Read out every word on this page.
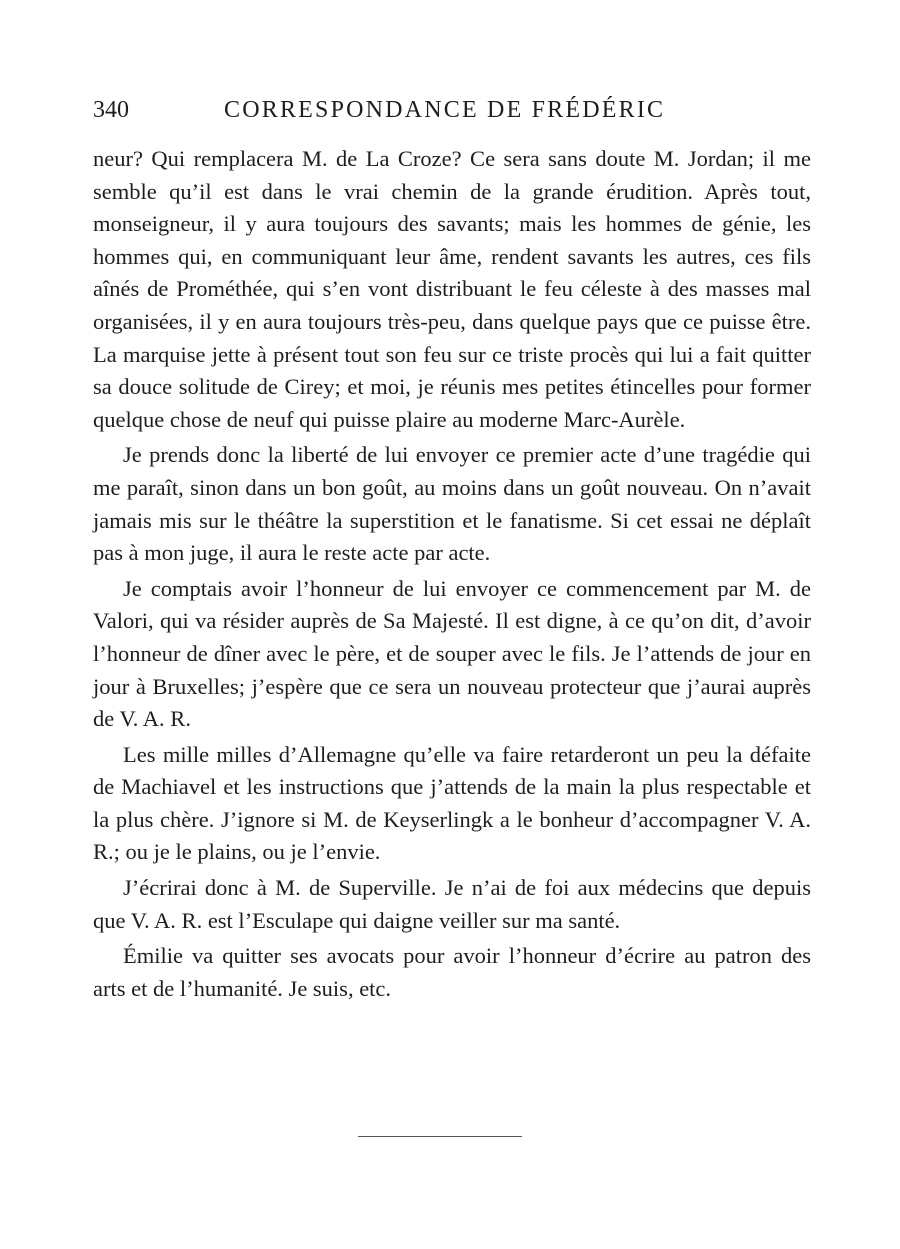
340	CORRESPONDANCE DE FRÉDÉRIC

neur? Qui remplacera M. de La Croze? Ce sera sans doute M. Jordan; il me semble qu’il est dans le vrai chemin de la grande érudition. Après tout, monseigneur, il y aura toujours des savants; mais les hommes de génie, les hommes qui, en communiquant leur âme, rendent savants les autres, ces fils aînés de Prométhée, qui s’en vont distribuant le feu céleste à des masses mal organisées, il y en aura toujours très-peu, dans quelque pays que ce puisse être. La marquise jette à présent tout son feu sur ce triste procès qui lui a fait quitter sa douce solitude de Cirey; et moi, je réunis mes petites étincelles pour former quelque chose de neuf qui puisse plaire au moderne Marc-Aurèle.

Je prends donc la liberté de lui envoyer ce premier acte d’une tragédie qui me paraît, sinon dans un bon goût, au moins dans un goût nouveau. On n’avait jamais mis sur le théâtre la superstition et le fanatisme. Si cet essai ne déplaît pas à mon juge, il aura le reste acte par acte.

Je comptais avoir l’honneur de lui envoyer ce commencement par M. de Valori, qui va résider auprès de Sa Majesté. Il est digne, à ce qu’on dit, d’avoir l’honneur de dîner avec le père, et de souper avec le fils. Je l’attends de jour en jour à Bruxelles; j’espère que ce sera un nouveau protecteur que j’aurai auprès de V. A. R.

Les mille milles d’Allemagne qu’elle va faire retarderont un peu la défaite de Machiavel et les instructions que j’attends de la main la plus respectable et la plus chère. J’ignore si M. de Keyserlingk a le bonheur d’accompagner V. A. R.; ou je le plains, ou je l’envie.

J’écrirai donc à M. de Superville. Je n’ai de foi aux médecins que depuis que V. A. R. est l’Esculape qui daigne veiller sur ma santé.

Émilie va quitter ses avocats pour avoir l’honneur d’écrire au patron des arts et de l’humanité. Je suis, etc.
